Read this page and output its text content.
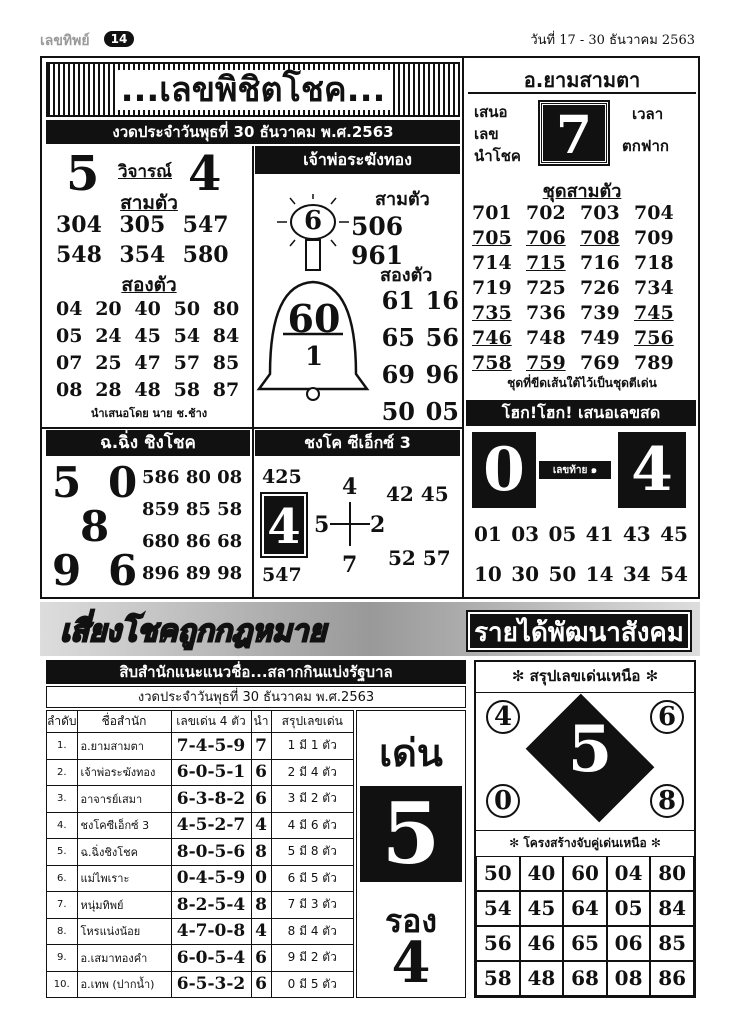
เลขทิพย์	14	วันที่ 17 - 30 ธันวาคม 2563
...เลขพิชิตโชค...
งวดประจำวันพุธที่ 30 ธันวาคม พ.ศ.2563
5 วิจารณ์ 4
สามตัว
304 305 547
548 354 580
สองตัว
04 20 40 50 80
05 24 45 54 84
07 25 47 57 85
08 28 48 58 87
นำเสนอโดย นาย ช.ช้าง
เจ้าพ่อระฆังทอง
6
60
1
สามตัว
506 961
สองตัว
61 16
65 56
69 96
50 05
อ.ยามสามตา
เสนอ
เลข
นำโชค 7	เวลา
ตกฟาก
ชุดสามตัว
701 702 703 704
705 706 708 709
714 715 716 718
719 725 726 734
735 736 739 745
746 748 749 756
758 759 769 789
ชุดที่ขีดเส้นใต้ไว้เป็นชุดตีเด่น
ฉ.ฉิ่ง ชิงโชค
5 0
8
9 6
586 80 08
859 85 58
680 86 68
896 89 98
ชงโค ซีเอ็กซ์ 3
425
547
4
4
5 2
7
42 45
52 57
โฮก!โฮก! เสนอเลขสด
0 4
เลขท้าย ๑
01 03 05 41 43 45
10 30 50 14 34 54
เสี่ยงโชคถูกกฎหมาย	รายได้พัฒนาสังคม
สิบสำนักแนะแนวชื่อ...สลากกินแบ่งรัฐบาล
งวดประจำวันพุธที่ 30 ธันวาคม พ.ศ.2563
ลำดับ	ชื่อสำนัก	เลขเด่น 4 ตัว	นำ	สรุปเลขเด่น
1.	อ.ยามสามตา	7-4-5-9	7	1 มี 1 ตัว
2.	เจ้าพ่อระฆังทอง	6-0-5-1	6	2 มี 4 ตัว
3.	อาจารย์เสมา	6-3-8-2	6	3 มี 2 ตัว
4.	ชงโคซีเอ็กซ์ 3	4-5-2-7	4	4 มี 6 ตัว
5.	ฉ.ฉิ่งชิงโชค	8-0-5-6	8	5 มี 8 ตัว
6.	แม่ไพเราะ	0-4-5-9	0	6 มี 5 ตัว
7.	หนุ่มทิพย์	8-2-5-4	8	7 มี 3 ตัว
8.	โหรแน่งน้อย	4-7-0-8	4	8 มี 4 ตัว
9.	อ.เสมาทองคำ	6-0-5-4	6	9 มี 2 ตัว
10.	อ.เทพ (ปากน้ำ)	6-5-3-2	6	0 มี 5 ตัว
เด่น
5
รอง
4
✻ สรุปเลขเด่นเหนือ ✻
5
4	6
0	8
✻ โครงสร้างจับคู่เด่นเหนือ ✻
50 40 60 04 80
54 45 64 05 84
56 46 65 06 85
58 48 68 08 86
